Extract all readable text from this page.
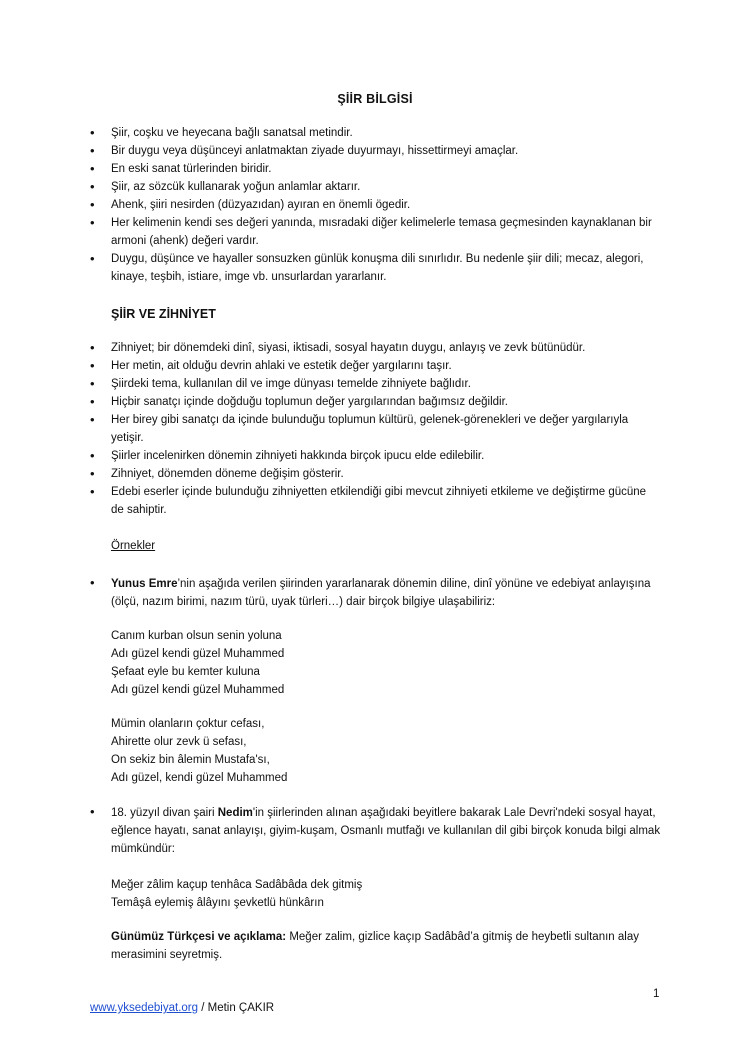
ŞİİR BİLGİSİ
• Şiir, coşku ve heyecana bağlı sanatsal metindir.
• Bir duygu veya düşünceyi anlatmaktan ziyade duyurmayı, hissettirmeyi amaçlar.
• En eski sanat türlerinden biridir.
• Şiir, az sözcük kullanarak yoğun anlamlar aktarır.
• Ahenk, şiiri nesirden (düzyazıdan) ayıran en önemli ögedir.
• Her kelimenin kendi ses değeri yanında, mısradaki diğer kelimelerle temasa geçmesinden kaynaklanan bir armoni (ahenk) değeri vardır.
• Duygu, düşünce ve hayaller sonsuzken günlük konuşma dili sınırlıdır. Bu nedenle şiir dili; mecaz, alegori, kinaye, teşbih, istiare, imge vb. unsurlardan yararlanır.
ŞİİR VE ZİHNİYET
• Zihniyet; bir dönemdeki dinî, siyasi, iktisadi, sosyal hayatın duygu, anlayış ve zevk bütünüdür.
• Her metin, ait olduğu devrin ahlaki ve estetik değer yargılarını taşır.
• Şiirdeki tema, kullanılan dil ve imge dünyası temelde zihniyete bağlıdır.
• Hiçbir sanatçı içinde doğduğu toplumun değer yargılarından bağımsız değildir.
• Her birey gibi sanatçı da içinde bulunduğu toplumun kültürü, gelenek-görenekleri ve değer yargılarıyla yetişir.
• Şiirler incelenirken dönemin zihniyeti hakkında birçok ipucu elde edilebilir.
• Zihniyet, dönemden döneme değişim gösterir.
• Edebi eserler içinde bulunduğu zihniyetten etkilendiği gibi mevcut zihniyeti etkileme ve değiştirme gücüne de sahiptir.
Örnekler
• Yunus Emre’nin aşağıda verilen şiirinden yararlanarak dönemin diline, dinî yönüne ve edebiyat anlayışına (ölçü, nazım birimi, nazım türü, uyak türleri…) dair birçok bilgiye ulaşabiliriz:
Canım kurban olsun senin yoluna
Adı güzel kendi güzel Muhammed
Şefaat eyle bu kemter kuluna
Adı güzel kendi güzel Muhammed
Mümin olanların çoktur cefası,
Ahirette olur zevk ü sefası,
On sekiz bin âlemin Mustafa'sı,
Adı güzel, kendi güzel Muhammed
• 18. yüzyıl divan şairi Nedim'in şiirlerinden alınan aşağıdaki beyitlere bakarak Lale Devri'ndeki sosyal hayat, eğlence hayatı, sanat anlayışı, giyim-kuşam, Osmanlı mutfağı ve kullanılan dil gibi birçok konuda bilgi almak mümkündür:
Meğer zâlim kaçup tenhâca Sadâbâda dek gitmiş
Temâşâ eylemiş âlâyını şevketlü hünkârın
Günümüz Türkçesi ve açıklama: Meğer zalim, gizlice kaçıp Sadâbâd’a gitmiş de heybetli sultanın alay merasimini seyretmiş.
1
www.yksedebiyat.org / Metin ÇAKIR
